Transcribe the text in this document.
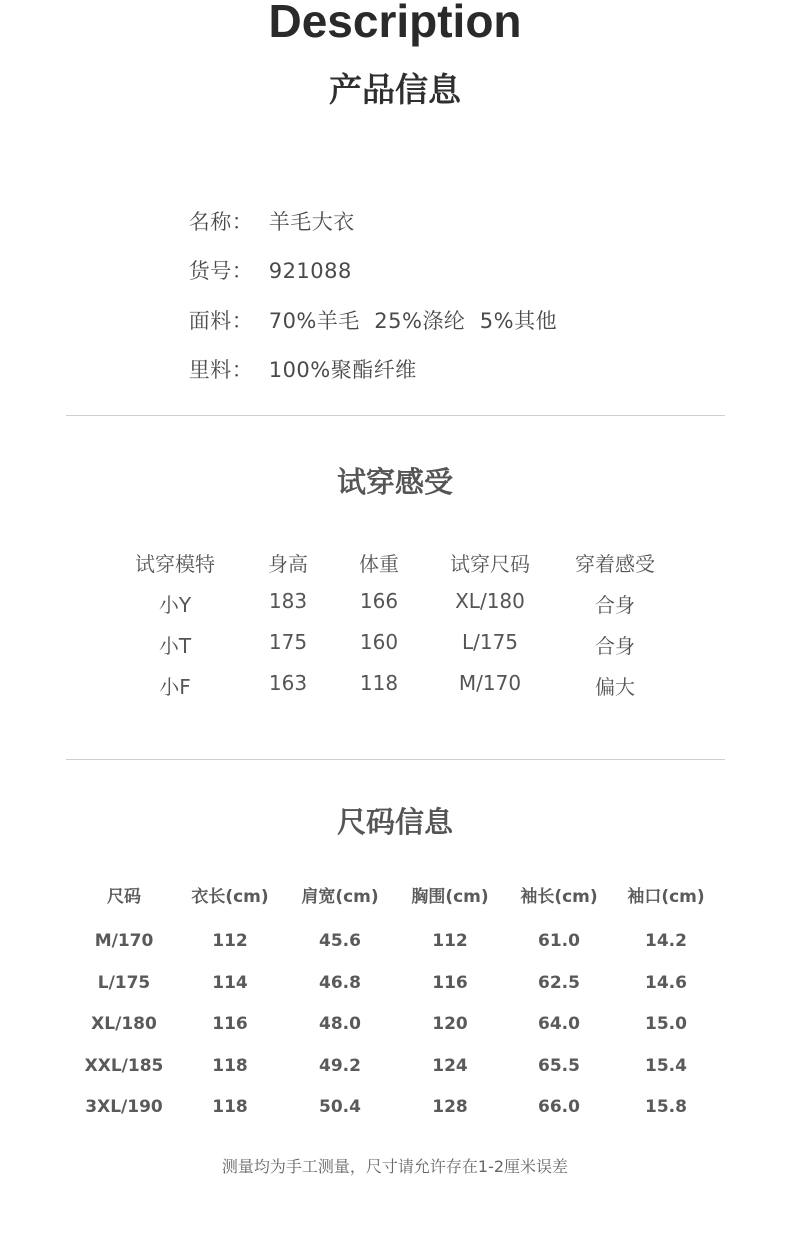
Description
产品信息

名称： 羊毛大衣

货号： 921088

面料： 70%羊毛  25%涤纶  5%其他

里料： 100%聚酯纤维

试穿感受
试穿模特	身高	体重	试穿尺码	穿着感受
小Y	183	166	XL/180	合身
小T	175	160	L/175	合身
小F	163	118	M/170	偏大
尺码信息
尺码	衣长(cm)	肩宽(cm)	胸围(cm)	袖长(cm)	袖口(cm)
M/170	112	45.6	112	61.0	14.2
L/175	114	46.8	116	62.5	14.6
XL/180	116	48.0	120	64.0	15.0
XXL/185	118	49.2	124	65.5	15.4
3XL/190	118	50.4	128	66.0	15.8
测量均为手工测量，尺寸请允许存在1-2厘米误差
